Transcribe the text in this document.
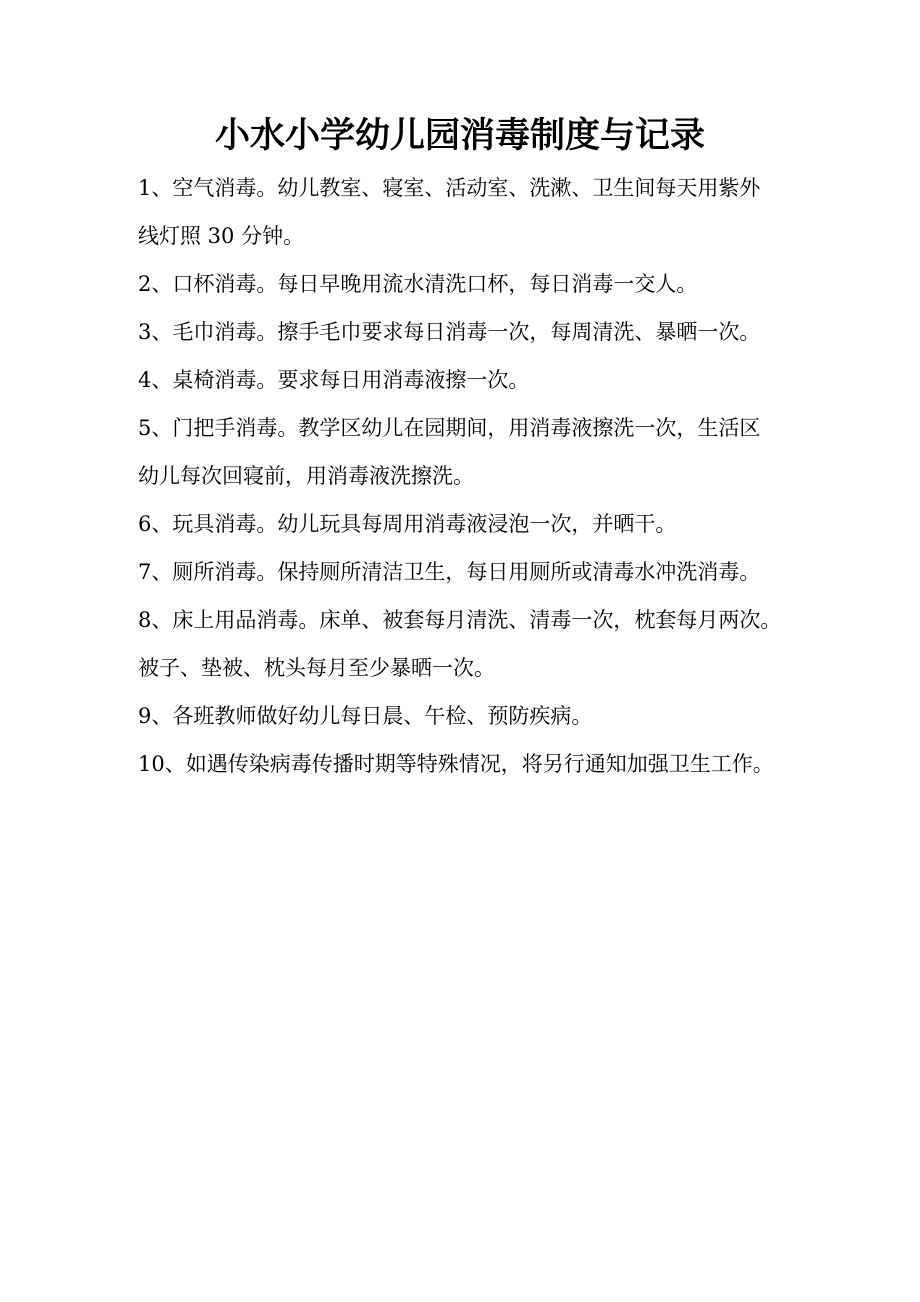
小水小学幼儿园消毒制度与记录
1、空气消毒。幼儿教室、寝室、活动室、洗漱、卫生间每天用紫外
线灯照 30 分钟。
2、口杯消毒。每日早晚用流水清洗口杯，每日消毒一交人。
3、毛巾消毒。擦手毛巾要求每日消毒一次，每周清洗、暴晒一次。
4、桌椅消毒。要求每日用消毒液擦一次。
5、门把手消毒。教学区幼儿在园期间，用消毒液擦洗一次，生活区
幼儿每次回寝前，用消毒液洗擦洗。
6、玩具消毒。幼儿玩具每周用消毒液浸泡一次，并晒干。
7、厕所消毒。保持厕所清洁卫生，每日用厕所或清毒水冲洗消毒。
8、床上用品消毒。床单、被套每月清洗、清毒一次，枕套每月两次。
被子、垫被、枕头每月至少暴晒一次。
9、各班教师做好幼儿每日晨、午检、预防疾病。
10、如遇传染病毒传播时期等特殊情况，将另行通知加强卫生工作。
